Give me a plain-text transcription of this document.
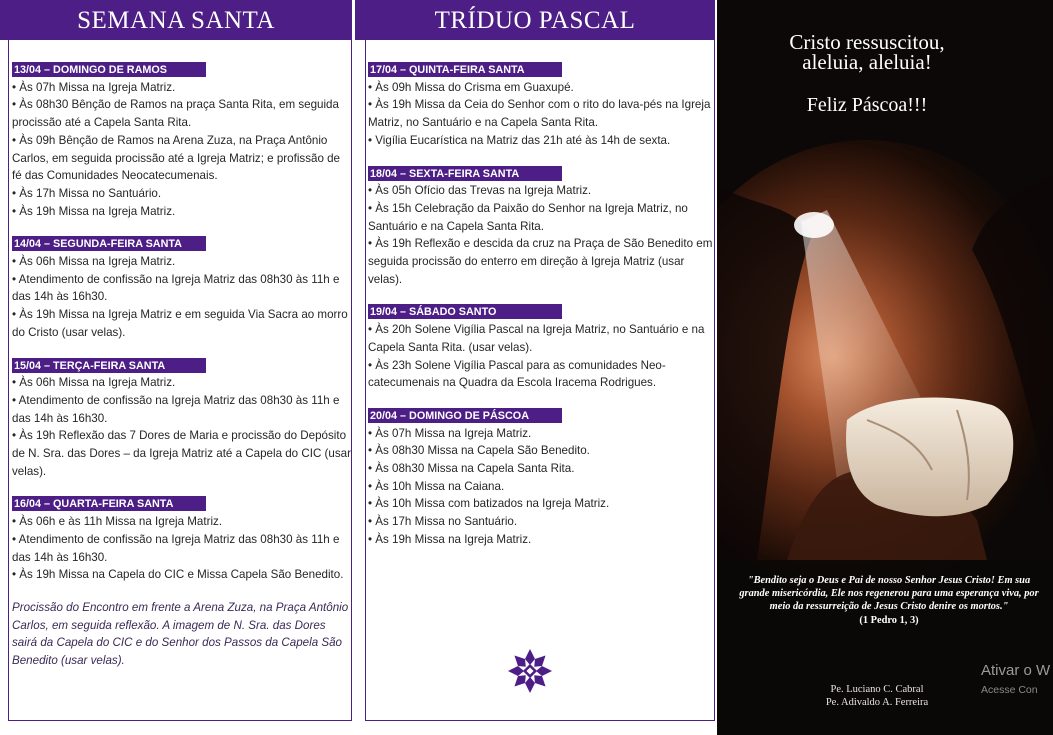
SEMANA SANTA
13/04 – DOMINGO DE RAMOS

• Às 07h Missa na Igreja Matriz.

• Às 08h30 Bênção de Ramos na praça Santa Rita, em seguida procissão até a Capela Santa Rita.

• Às 09h Bênção de Ramos na Arena Zuza, na Praça Antônio Carlos, em seguida procissão até a Igreja Matriz; e profissão de fé das Comunidades Neocatecumenais.

• Às 17h Missa no Santuário.

• Às 19h Missa na Igreja Matriz.

14/04 – SEGUNDA-FEIRA SANTA

• Às 06h Missa na Igreja Matriz.

• Atendimento de confissão na Igreja Matriz das 08h30 às 11h e das 14h às 16h30.

• Às 19h Missa na Igreja Matriz e em seguida Via Sacra ao morro do Cristo (usar velas).

15/04 – TERÇA-FEIRA SANTA

• Às 06h Missa na Igreja Matriz.

• Atendimento de confissão na Igreja Matriz das 08h30 às 11h e das 14h às 16h30.

• Às 19h Reflexão das 7 Dores de Maria e procissão do Depósito de N. Sra. das Dores – da Igreja Matriz até a Capela do CIC (usar velas).

16/04 – QUARTA-FEIRA SANTA

• Às 06h e às 11h Missa na Igreja Matriz.

• Atendimento de confissão na Igreja Matriz das 08h30 às 11h e das 14h às 16h30.

• Às 19h Missa na Capela do CIC e Missa Capela São Benedito.

Procissão do Encontro em frente a Arena Zuza, na Praça Antônio Carlos, em seguida reflexão. A imagem de N. Sra. das Dores sairá da Capela do CIC e do Senhor dos Passos da Capela São Benedito (usar velas).

TRÍDUO PASCAL
17/04 – QUINTA-FEIRA SANTA

• Às 09h Missa do Crisma em Guaxupé.

• Às 19h Missa da Ceia do Senhor com o rito do lava-pés na Igreja Matriz, no Santuário e na Capela Santa Rita.

• Vigília Eucarística na Matriz das 21h até às 14h de sexta.

18/04 – SEXTA-FEIRA SANTA

• Às 05h Ofício das Trevas na Igreja Matriz.

• Às 15h Celebração da Paixão do Senhor na Igreja Matriz, no Santuário e na Capela Santa Rita.

• Às 19h Reflexão e descida da cruz na Praça de São Benedito em seguida procissão do enterro em direção à Igreja Matriz (usar velas).

19/04 – SÁBADO SANTO

• Às 20h Solene Vigília Pascal na Igreja Matriz, no Santuário e na Capela Santa Rita. (usar velas).

• Às 23h Solene Vigília Pascal para as comunidades Neo-catecumenais na Quadra da Escola Iracema Rodrigues.

20/04 – DOMINGO DE PÁSCOA

• Às 07h Missa na Igreja Matriz.

• Às 08h30 Missa na Capela São Benedito.

• Às 08h30 Missa na Capela Santa Rita.

• Às 10h Missa na Caiana.

• Às 10h Missa com batizados na Igreja Matriz.

• Às 17h Missa no Santuário.

• Às 19h Missa na Igreja Matriz.

Cristo ressuscitou,
aleluia, aleluia!
Feliz Páscoa!!!
"Bendito seja o Deus e Pai de nosso Senhor Jesus Cristo! Em sua grande misericórdia, Ele nos regenerou para uma esperança viva, por meio da ressurreição de Jesus Cristo denire os mortos."
(1 Pedro 1, 3)
Pe. Luciano C. Cabral
Pe. Adivaldo A. Ferreira
Ativar o W
Acesse Con
